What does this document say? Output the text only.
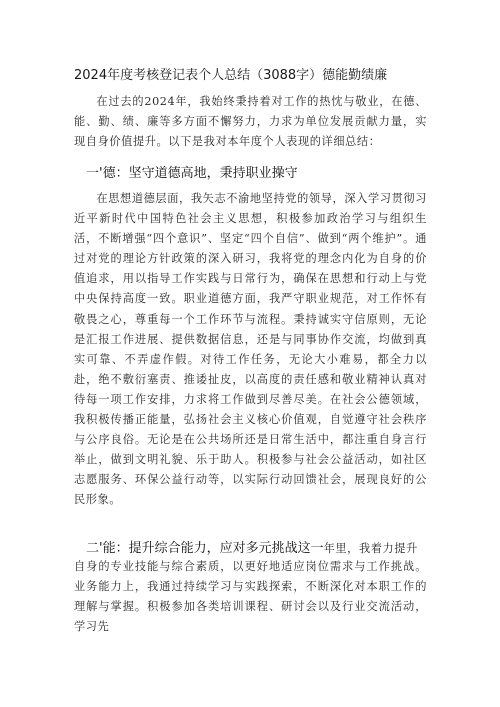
2024年度考核登记表个人总结（3088字）德能勤绩廉
在过去的2024年，我始终秉持着对工作的热忱与敬业，在德、能、勤、绩、廉等多方面不懈努力，力求为单位发展贡献力量，实现自身价值提升。以下是我对本年度个人表现的详细总结：
一'德：坚守道德高地，秉持职业操守
在思想道德层面，我矢志不渝地坚持党的领导，深入学习贯彻习近平新时代中国特色社会主义思想，积极参加政治学习与组织生活，不断增强“四个意识”、坚定“四个自信”、做到“两个维护”。通过对党的理论方针政策的深入研习，我将党的理念内化为自身的价值追求，用以指导工作实践与日常行为，确保在思想和行动上与党中央保持高度一致。职业道德方面，我严守职业规范，对工作怀有敬畏之心，尊重每一个工作环节与流程。秉持诚实守信原则，无论是汇报工作进展、提供数据信息，还是与同事协作交流，均做到真实可靠、不弄虚作假。对待工作任务，无论大小难易，都全力以赴，绝不敷衍塞责、推诿扯皮，以高度的责任感和敬业精神认真对待每一项工作安排，力求将工作做到尽善尽美。在社会公德领域，我积极传播正能量，弘扬社会主义核心价值观，自觉遵守社会秩序与公序良俗。无论是在公共场所还是日常生活中，都注重自身言行举止，做到文明礼貌、乐于助人。积极参与社会公益活动，如社区志愿服务、环保公益行动等，以实际行动回馈社会，展现良好的公民形象。
二'能：提升综合能力，应对多元挑战这一年里，我着力提升
自身的专业技能与综合素质，以更好地适应岗位需求与工作挑战。业务能力上，我通过持续学习与实践探索，不断深化对本职工作的理解与掌握。积极参加各类培训课程、研讨会以及行业交流活动，学习先
